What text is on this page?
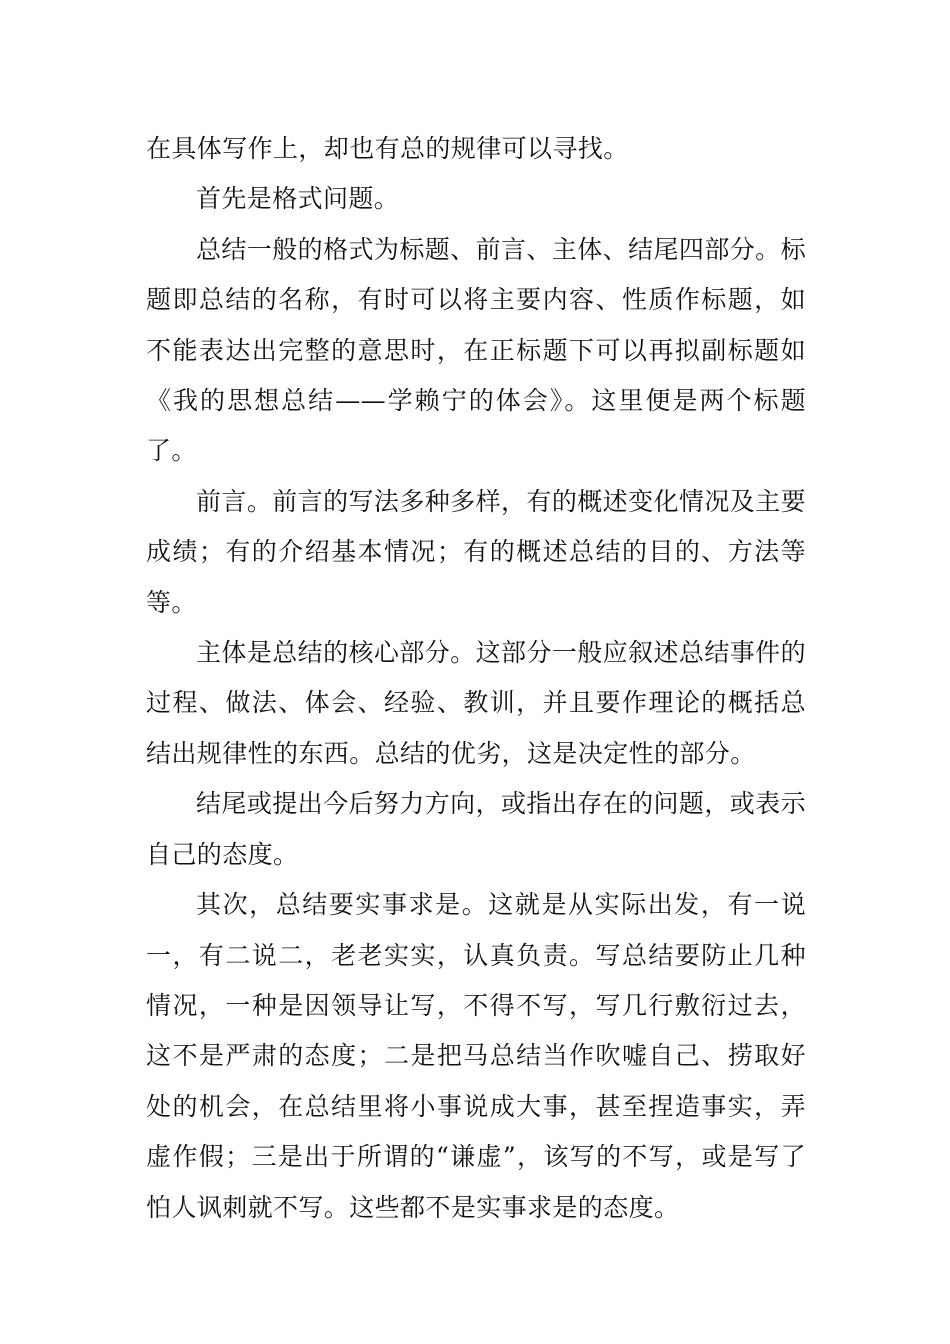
在具体写作上，却也有总的规律可以寻找。

首先是格式问题。

总结一般的格式为标题、前言、主体、结尾四部分。标题即总结的名称，有时可以将主要内容、性质作标题，如不能表达出完整的意思时，在正标题下可以再拟副标题如《我的思想总结——学赖宁的体会》。这里便是两个标题了。

前言。前言的写法多种多样，有的概述变化情况及主要成绩；有的介绍基本情况；有的概述总结的目的、方法等等。

主体是总结的核心部分。这部分一般应叙述总结事件的过程、做法、体会、经验、教训，并且要作理论的概括总结出规律性的东西。总结的优劣，这是决定性的部分。

结尾或提出今后努力方向，或指出存在的问题，或表示自己的态度。

其次，总结要实事求是。这就是从实际出发，有一说一，有二说二，老老实实，认真负责。写总结要防止几种情况，一种是因领导让写，不得不写，写几行敷衍过去，这不是严肃的态度；二是把马总结当作吹嘘自己、捞取好处的机会，在总结里将小事说成大事，甚至捏造事实，弄虚作假；三是出于所谓的“谦虚”，该写的不写，或是写了怕人讽刺就不写。这些都不是实事求是的态度。
